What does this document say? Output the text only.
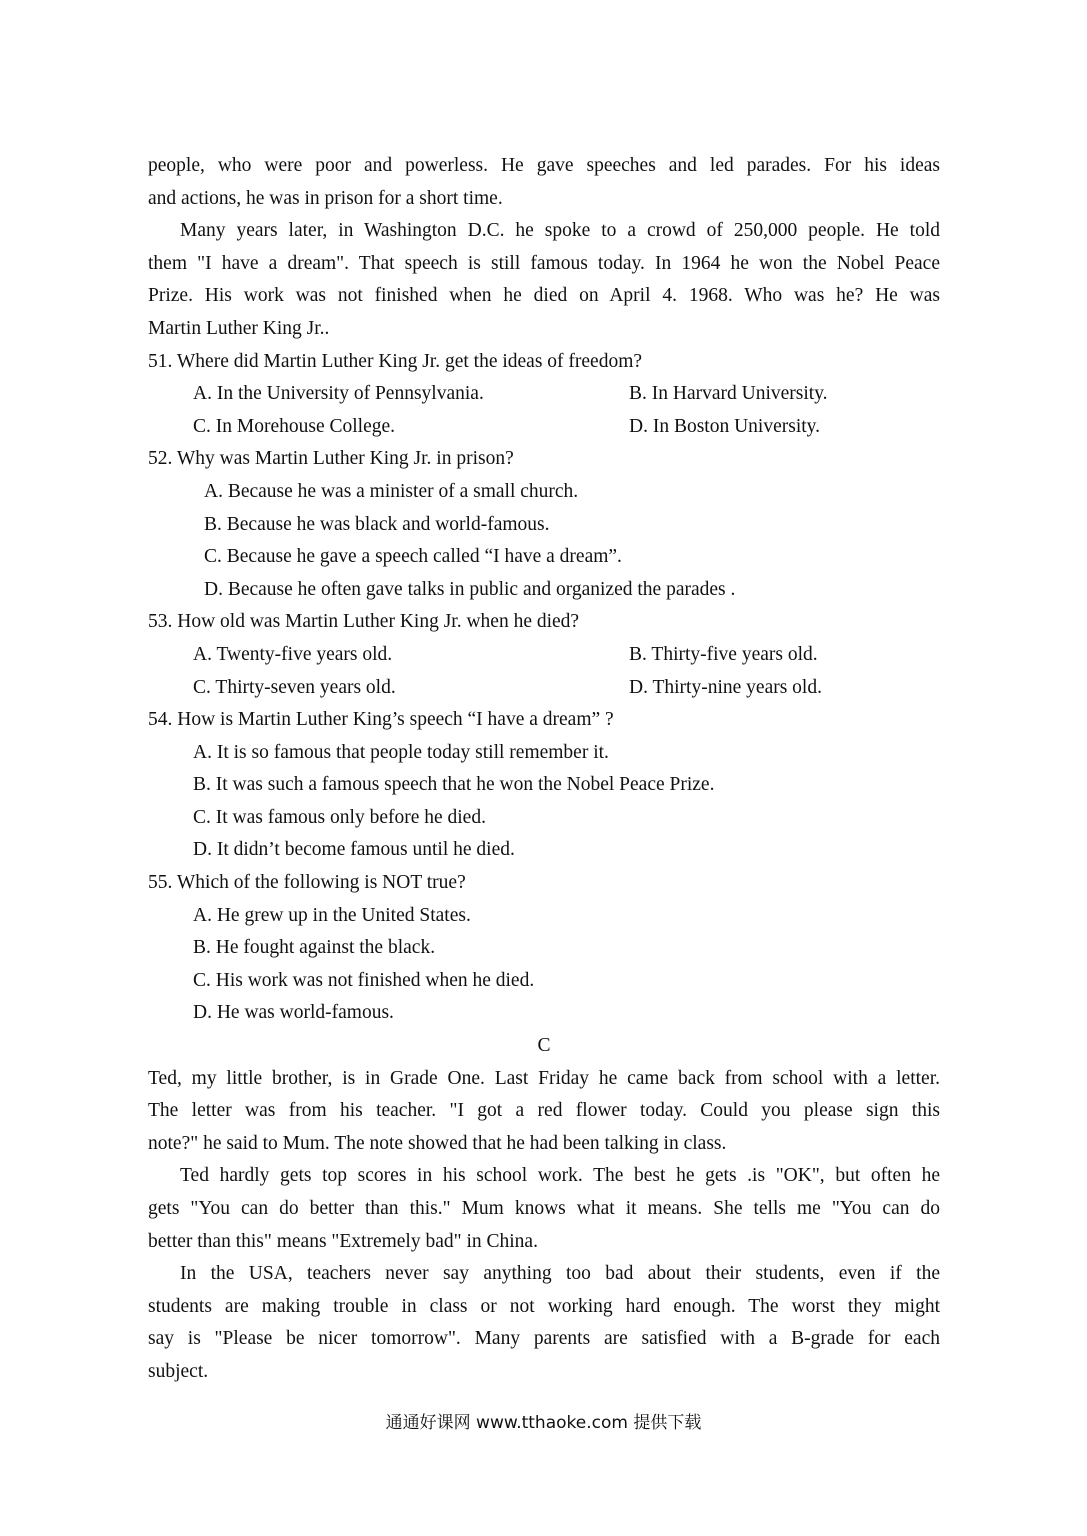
people, who were poor and powerless. He gave speeches and led parades. For his ideas
and actions, he was in prison for a short time.
Many years later, in Washington D.C. he spoke to a crowd of 250,000 people. He told
them "I have a dream". That speech is still famous today. In 1964 he won the Nobel Peace
Prize. His work was not finished when he died on April 4. 1968. Who was he? He was
Martin Luther King Jr..
51. Where did Martin Luther King Jr. get the ideas of freedom?
A. In the University of Pennsylvania.	B. In Harvard University.
C. In Morehouse College.	D. In Boston University.
52. Why was Martin Luther King Jr. in prison?
A. Because he was a minister of a small church.
B. Because he was black and world-famous.
C. Because he gave a speech called “I have a dream”.
D. Because he often gave talks in public and organized the parades .
53. How old was Martin Luther King Jr. when he died?
A. Twenty-five years old.	B. Thirty-five years old.
C. Thirty-seven years old.	D. Thirty-nine years old.
54. How is Martin Luther King’s speech “I have a dream” ?
A. It is so famous that people today still remember it.
B. It was such a famous speech that he won the Nobel Peace Prize.
C. It was famous only before he died.
D. It didn’t become famous until he died.
55. Which of the following is NOT true?
A. He grew up in the United States.
B. He fought against the black.
C. His work was not finished when he died.
D. He was world-famous.
C
Ted, my little brother, is in Grade One. Last Friday he came back from school with a letter.
The letter was from his teacher. "I got a red flower today. Could you please sign this
note?" he said to Mum. The note showed that he had been talking in class.
Ted hardly gets top scores in his school work. The best he gets .is "OK", but often he
gets "You can do better than this." Mum knows what it means. She tells me "You can do
better than this" means "Extremely bad" in China.
In the USA, teachers never say anything too bad about their students, even if the
students are making trouble in class or not working hard enough. The worst they might
say is "Please be nicer tomorrow". Many parents are satisfied with a B-grade for each
subject.
通通好课网 www.tthaoke.com 提供下载
